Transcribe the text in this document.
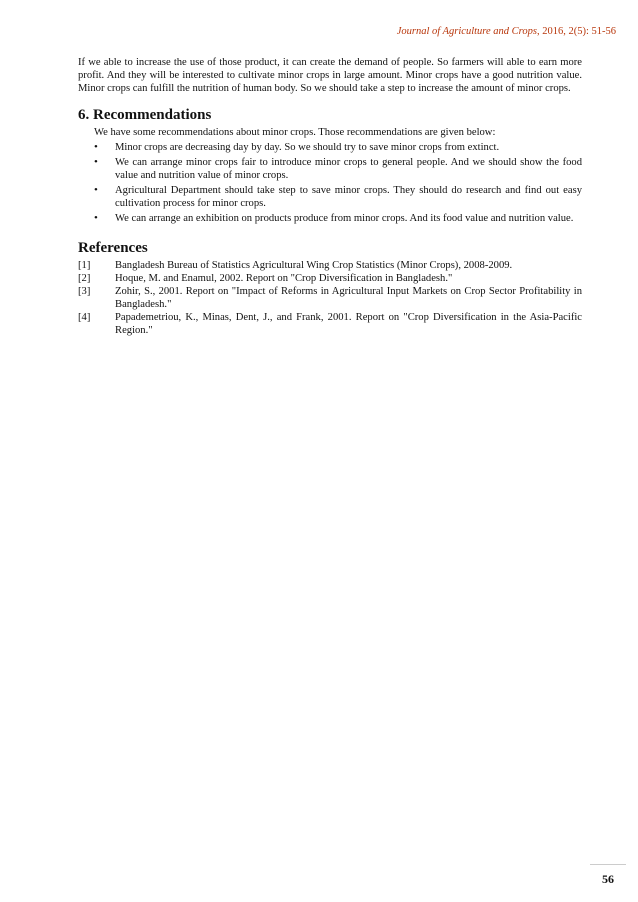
Journal of Agriculture and Crops, 2016, 2(5): 51-56

If we able to increase the use of those product, it can create the demand of people. So farmers will able to earn more profit. And they will be interested to cultivate minor crops in large amount. Minor crops have a good nutrition value. Minor crops can fulfill the nutrition of human body. So we should take a step to increase the amount of minor crops.

6. Recommendations

We have some recommendations about minor crops. Those recommendations are given below:

• Minor crops are decreasing day by day. So we should try to save minor crops from extinct.
• We can arrange minor crops fair to introduce minor crops to general people. And we should show the food value and nutrition value of minor crops.
• Agricultural Department should take step to save minor crops. They should do research and find out easy cultivation process for minor crops.
• We can arrange an exhibition on products produce from minor crops. And its food value and nutrition value.
References
[1] Bangladesh Bureau of Statistics Agricultural Wing Crop Statistics (Minor Crops), 2008-2009.
[2] Hoque, M. and Enamul, 2002. Report on "Crop Diversification in Bangladesh."
[3] Zohir, S., 2001. Report on "Impact of Reforms in Agricultural Input Markets on Crop Sector Profitability in Bangladesh."
[4] Papademetriou, K., Minas, Dent, J., and Frank, 2001. Report on "Crop Diversification in the Asia-Pacific Region."
56
